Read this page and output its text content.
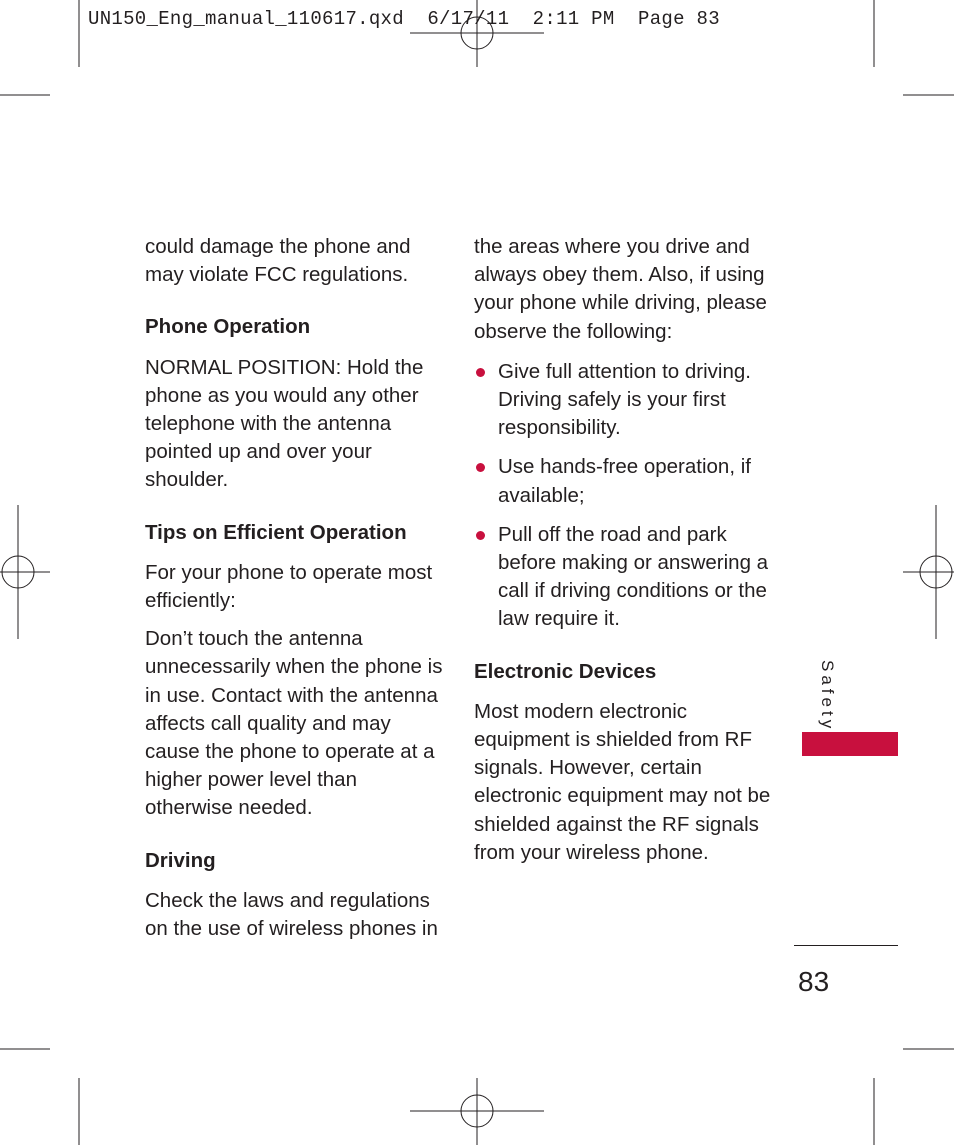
UN150_Eng_manual_110617.qxd  6/17/11  2:11 PM  Page 83

could damage the phone and may violate FCC regulations.

Phone Operation

NORMAL POSITION: Hold the phone as you would any other telephone with the antenna pointed up and over your shoulder.

Tips on Efficient Operation
For your phone to operate most efficiently:

Don’t touch the antenna unnecessarily when the phone is in use. Contact with the antenna affects call quality and may cause the phone to operate at a higher power level than otherwise needed.

Driving

Check the laws and regulations on the use of wireless phones in

the areas where you drive and always obey them. Also, if using your phone while driving, please observe the following:

Give full attention to driving. Driving safely is your first responsibility.
Use hands-free operation, if available;
Pull off the road and park before making or answering a call if driving conditions or the law require it.
Electronic Devices

Most modern electronic equipment is shielded from RF signals. However, certain electronic equipment may not be shielded against the RF signals from your wireless phone.

Safety
83
